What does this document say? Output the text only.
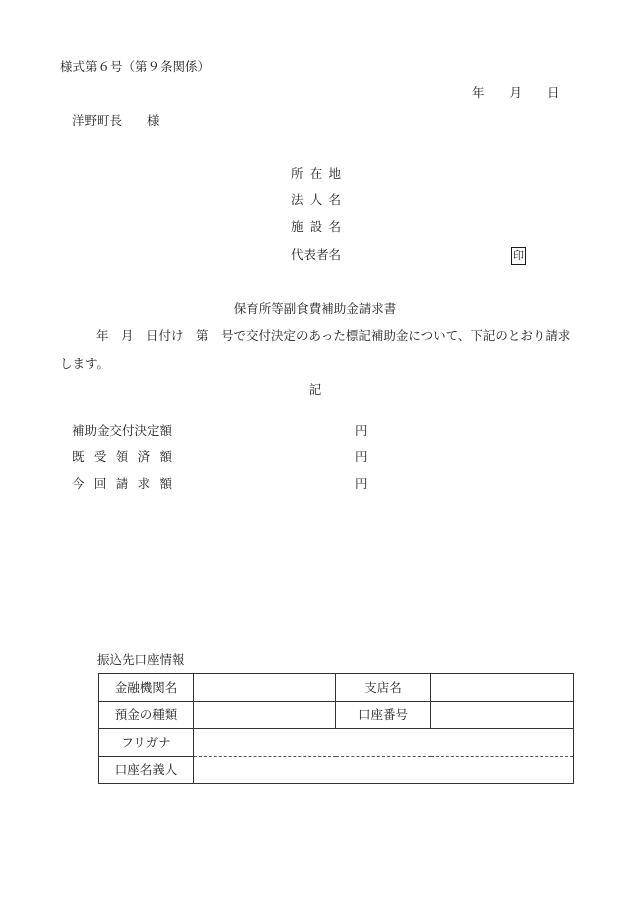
様式第６号（第９条関係）
年　　月　　日
洋野町長　　様
所 在 地
法 人 名
施 設 名
代表者名	印
保育所等副食費補助金請求書
年　月　日付け　第　号で交付決定のあった標記補助金について、下記のとおり請求
します。
記
補助金交付決定額	円
既 受 領 済 額	円
今 回 請 求 額	円
振込先口座情報
金融機関名		支店名	
預金の種類		口座番号	
フリガナ			
口座名義人			
